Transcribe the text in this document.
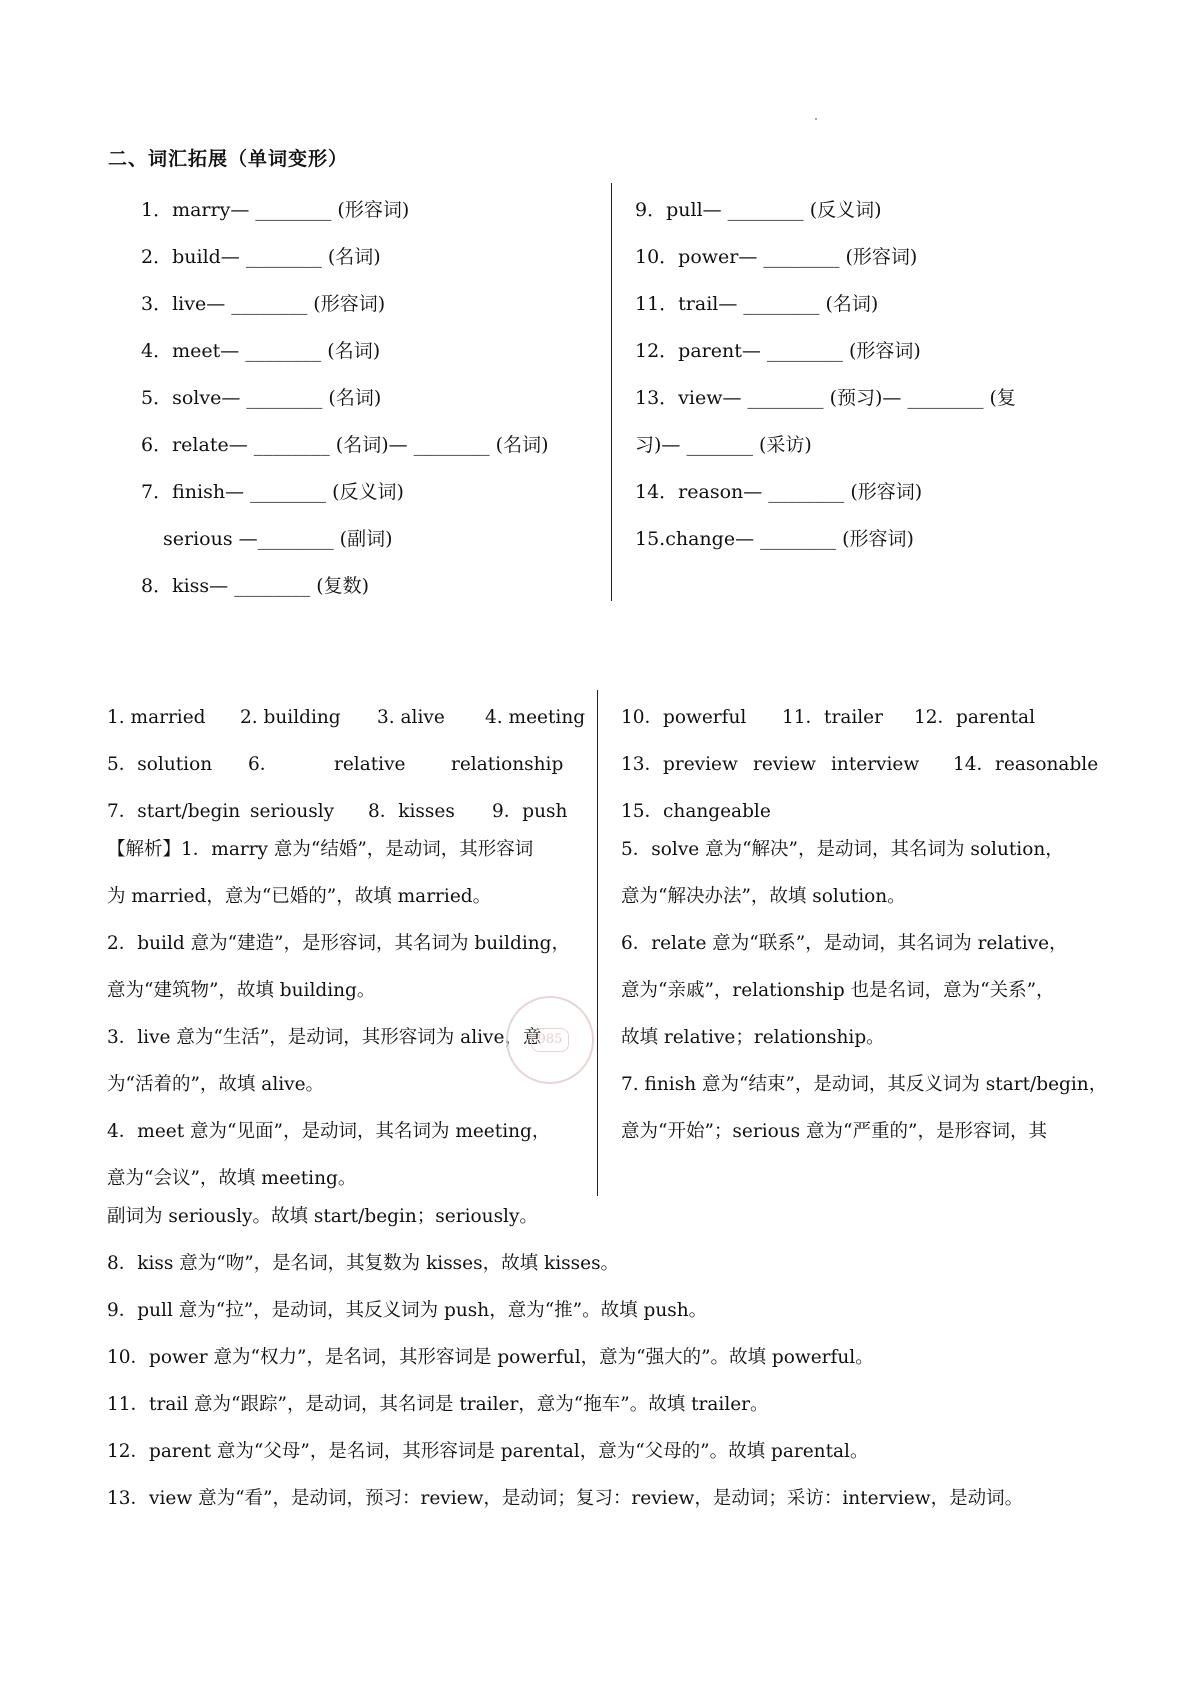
二、词汇拓展（单词变形）
1．marry— ________ (形容词)
2．build— ________ (名词)
3．live— ________ (形容词)
4．meet— ________ (名词)
5．solve— ________ (名词)
6．relate— ________ (名词)— ________ (名词)
7．finish— ________ (反义词)
serious —________ (副词)
8．kiss— ________ (复数)
9．pull— ________ (反义词)
10．power— ________ (形容词)
11．trail— ________ (名词)
12．parent— ________ (形容词)
13．view— ________ (预习)— ________ (复
习)— _______ (采访)
14．reason— ________ (形容词)
15.change— ________ (形容词)
1. married 2. building 3. alive 4. meeting
5．solution 6．	relative relationship
7．start/begin seriously 8．kisses 9．push
10．powerful 11．trailer 12．parental
13．preview review interview 14．reasonable
15．changeable
【解析】1．marry 意为“结婚”，是动词，其形容词
为 married，意为“已婚的”，故填 married。
2．build 意为“建造”，是形容词，其名词为 building，
意为“建筑物”，故填 building。
3．live 意为“生活”，是动词，其形容词为 alive，意
为“活着的”，故填 alive。
4．meet 意为“见面”，是动词，其名词为 meeting，
意为“会议”，故填 meeting。
5．solve 意为“解决”，是动词，其名词为 solution，
意为“解决办法”，故填 solution。
6．relate 意为“联系”，是动词，其名词为 relative，
意为“亲戚”，relationship 也是名词，意为“关系”，
故填 relative；relationship。
7. finish 意为“结束”，是动词，其反义词为 start/begin，
意为“开始”；serious 意为“严重的”，是形容词，其
副词为 seriously。故填 start/begin；seriously。
8．kiss 意为“吻”，是名词，其复数为 kisses，故填 kisses。
9．pull 意为“拉”，是动词，其反义词为 push，意为“推”。故填 push。
10．power 意为“权力”，是名词，其形容词是 powerful，意为“强大的”。故填 powerful。
11．trail 意为“跟踪”，是动词，其名词是 trailer，意为“拖车”。故填 trailer。
12．parent 意为“父母”，是名词，其形容词是 parental，意为“父母的”。故填 parental。
13．view 意为“看”，是动词，预习：review，是动词；复习：review，是动词；采访：interview，是动词。
985
